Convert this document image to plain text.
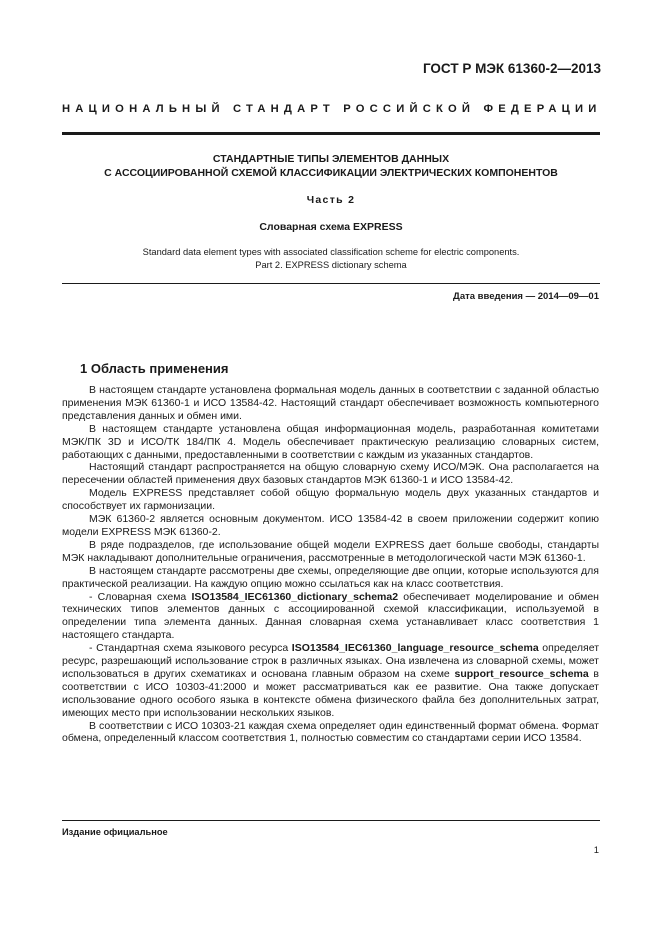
ГОСТ Р МЭК 61360-2—2013
НАЦИОНАЛЬНЫЙ СТАНДАРТ РОССИЙСКОЙ ФЕДЕРАЦИИ
СТАНДАРТНЫЕ ТИПЫ ЭЛЕМЕНТОВ ДАННЫХ
С АССОЦИИРОВАННОЙ СХЕМОЙ КЛАССИФИКАЦИИ ЭЛЕКТРИЧЕСКИХ КОМПОНЕНТОВ
Часть 2
Словарная схема EXPRESS
Standard data element types with associated classification scheme for electric components.
Part 2. EXPRESS dictionary schema
Дата введения — 2014—09—01
1 Область применения

В настоящем стандарте установлена формальная модель данных в соответствии с заданной областью применения МЭК 61360-1 и ИСО 13584-42. Настоящий стандарт обеспечивает возможность компьютерного представления данных и обмен ими.

В настоящем стандарте установлена общая информационная модель, разработанная комитетами МЭК/ПК 3D и ИСО/ТК 184/ПК 4. Модель обеспечивает практическую реализацию словарных систем, работающих с данными, предоставленными в соответствии с каждым из указанных стандартов.

Настоящий стандарт распространяется на общую словарную схему ИСО/МЭК. Она располагается на пересечении областей применения двух базовых стандартов МЭК 61360-1 и ИСО 13584-42.

Модель EXPRESS представляет собой общую формальную модель двух указанных стандартов и способствует их гармонизации.

МЭК 61360-2 является основным документом. ИСО 13584-42 в своем приложении содержит копию модели EXPRESS МЭК 61360-2.

В ряде подразделов, где использование общей модели EXPRESS дает больше свободы, стандарты МЭК накладывают дополнительные ограничения, рассмотренные в методологической части МЭК 61360-1.

В настоящем стандарте рассмотрены две схемы, определяющие две опции, которые используются для практической реализации. На каждую опцию можно ссылаться как на класс соответствия.

- Словарная схема ISO13584_IEC61360_dictionary_schema2 обеспечивает моделирование и обмен технических типов элементов данных с ассоциированной схемой классификации, используемой в определении типа элемента данных. Данная словарная схема устанавливает класс соответствия 1 настоящего стандарта.

- Стандартная схема языкового ресурса ISO13584_IEC61360_language_resource_schema определяет ресурс, разрешающий использование строк в различных языках. Она извлечена из словарной схемы, может использоваться в других схематиках и основана главным образом на схеме support_resource_schema в соответствии с ИСО 10303-41:2000 и может рассматриваться как ее развитие. Она также допускает использование одного особого языка в контексте обмена физического файла без дополнительных затрат, имеющих место при использовании нескольких языков.

В соответствии с ИСО 10303-21 каждая схема определяет один единственный формат обмена. Формат обмена, определенный классом соответствия 1, полностью совместим со стандартами серии ИСО 13584.

Издание официальное
1
